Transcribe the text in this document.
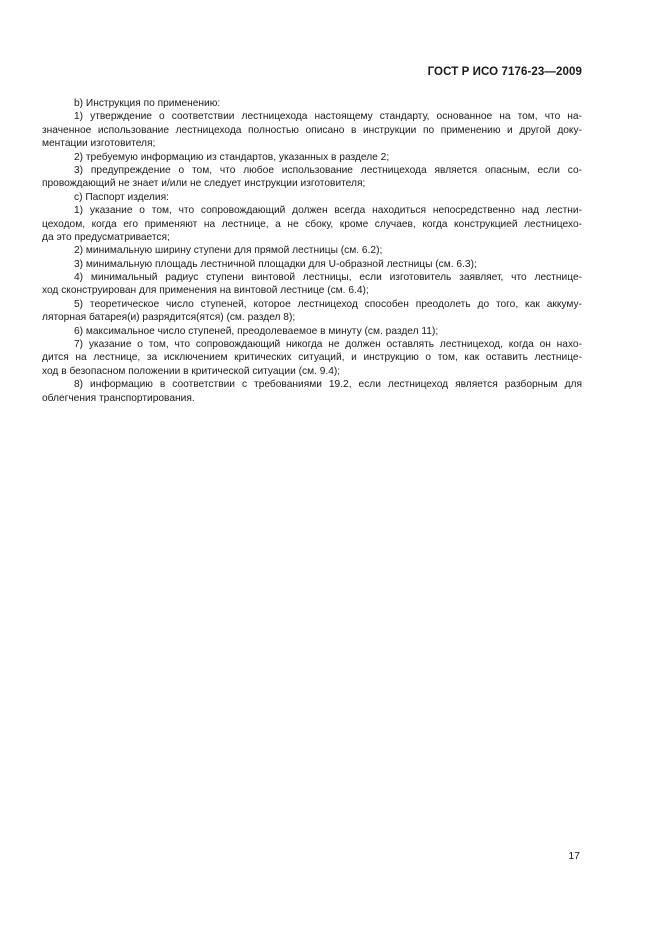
ГОСТ Р ИСО 7176-23—2009
b) Инструкция по применению:
1) утверждение о соответствии лестницехода настоящему стандарту, основанное на том, что на-
значенное использование лестницехода полностью описано в инструкции по применению и другой доку-
ментации изготовителя;
2) требуемую информацию из стандартов, указанных в разделе 2;
3) предупреждение о том, что любое использование лестницехода является опасным, если со-
провождающий не знает и/или не следует инструкции изготовителя;
c) Паспорт изделия:
1) указание о том, что сопровождающий должен всегда находиться непосредственно над лестни-
цеходом, когда его применяют на лестнице, а не сбоку, кроме случаев, когда конструкцией лестницехо-
да это предусматривается;
2) минимальную ширину ступени для прямой лестницы (см. 6.2);
3) минимальную площадь лестничной площадки для U-образной лестницы (см. 6.3);
4) минимальный радиус ступени винтовой лестницы, если изготовитель заявляет, что лестнице-
ход сконструирован для применения на винтовой лестнице (см. 6.4);
5) теоретическое число ступеней, которое лестницеход способен преодолеть до того, как аккуму-
ляторная батарея(и) разрядится(ятся) (см. раздел 8);
6) максимальное число ступеней, преодолеваемое в минуту (см. раздел 11);
7) указание о том, что сопровождающий никогда не должен оставлять лестницеход, когда он нахо-
дится на лестнице, за исключением критических ситуаций, и инструкцию о том, как оставить лестнице-
ход в безопасном положении в критической ситуации (см. 9.4);
8) информацию в соответствии с требованиями 19.2, если лестницеход является разборным для
облегчения транспортирования.
17
